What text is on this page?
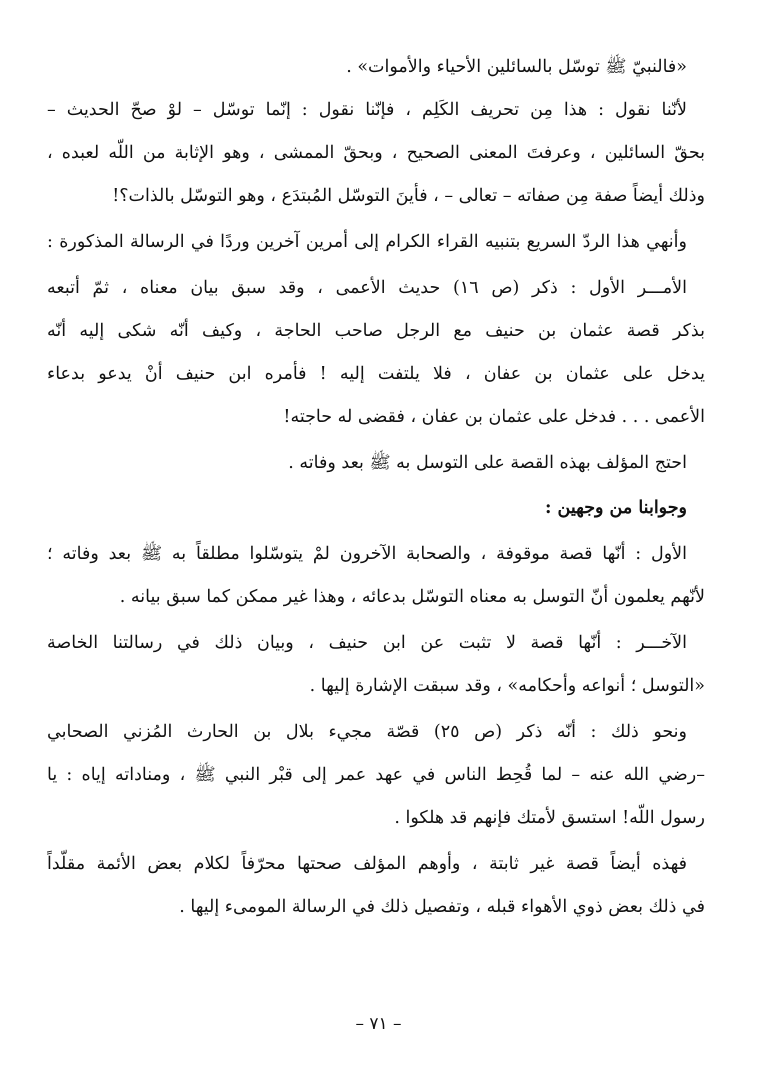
«فالنبيّ ﷺ توسّل بالسائلين الأحياء والأموات» .
لأنّنا نقول : هذا مِن تحريف الكَلِم ، فإنّنا نقول : إنّما توسّل – لوْ صحّ الحديث –
بحقّ السائلين ، وعرفتَ المعنى الصحيح ، وبحقّ الممشى ، وهو الإثابة من اللّه لعبده ،
وذلك أيضاً صفة مِن صفاته – تعالى – ، فأينَ التوسّل المُبتدَع ، وهو التوسّل بالذات؟!
وأنهي هذا الردّ السريع بتنبيه القراء الكرام إلى أمرين آخرين وردًا في الرسالة المذكورة :
الأمـــر الأول : ذكر (ص ١٦) حديث الأعمى ، وقد سبق بيان معناه ، ثمّ أتبعه
بذكر قصة عثمان بن حنيف مع الرجل صاحب الحاجة ، وكيف أنّه شكى إليه أنّه
يدخل على عثمان بن عفان ، فلا يلتفت إليه ! فأمره ابن حنيف أنْ يدعو بدعاء
الأعمى . . . فدخل على عثمان بن عفان ، فقضى له حاجته!
احتج المؤلف بهذه القصة على التوسل به ﷺ بعد وفاته .
وجوابنا من وجهين :
الأول : أنّها قصة موقوفة ، والصحابة الآخرون لمْ يتوسّلوا مطلقاً به ﷺ بعد وفاته ؛
لأنّهم يعلمون أنّ التوسل به معناه التوسّل بدعائه ، وهذا غير ممكن كما سبق بيانه .
الآخـــر : أنّها قصة لا تثبت عن ابن حنيف ، وبيان ذلك في رسالتنا الخاصة
«التوسل ؛ أنواعه وأحكامه» ، وقد سبقت الإشارة إليها .
ونحو ذلك : أنّه ذكر (ص ٢٥) قصّة مجيء بلال بن الحارث المُزني الصحابي
–رضي الله عنه – لما قُحِط الناس في عهد عمر إلى قبْر النبي ﷺ ، ومناداته إياه : يا
رسول اللّه! استسق لأمتك فإنهم قد هلكوا .
فهذه أيضاً قصة غير ثابتة ، وأوهم المؤلف صحتها محرّفاً لكلام بعض الأئمة مقلّداً
في ذلك بعض ذوي الأهواء قبله ، وتفصيل ذلك في الرسالة المومىء إليها .
– ٧١ –
